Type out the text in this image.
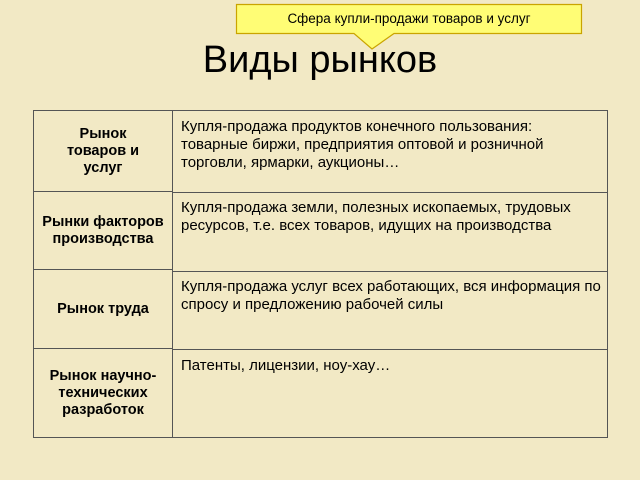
Сфера купли-продажи товаров и услуг
Виды рынков
Рынок товаров и услуг
Купля-продажа продуктов конечного пользования: товарные биржи, предприятия оптовой и розничной торговли, ярмарки, аукционы…
Рынки факторов производства
Купля-продажа земли, полезных ископаемых, трудовых ресурсов, т.е. всех товаров, идущих на производства
Рынок труда
Купля-продажа услуг всех работающих, вся информация по спросу и предложению рабочей силы
Рынок научно-технических разработок
Патенты, лицензии, ноу-хау…
